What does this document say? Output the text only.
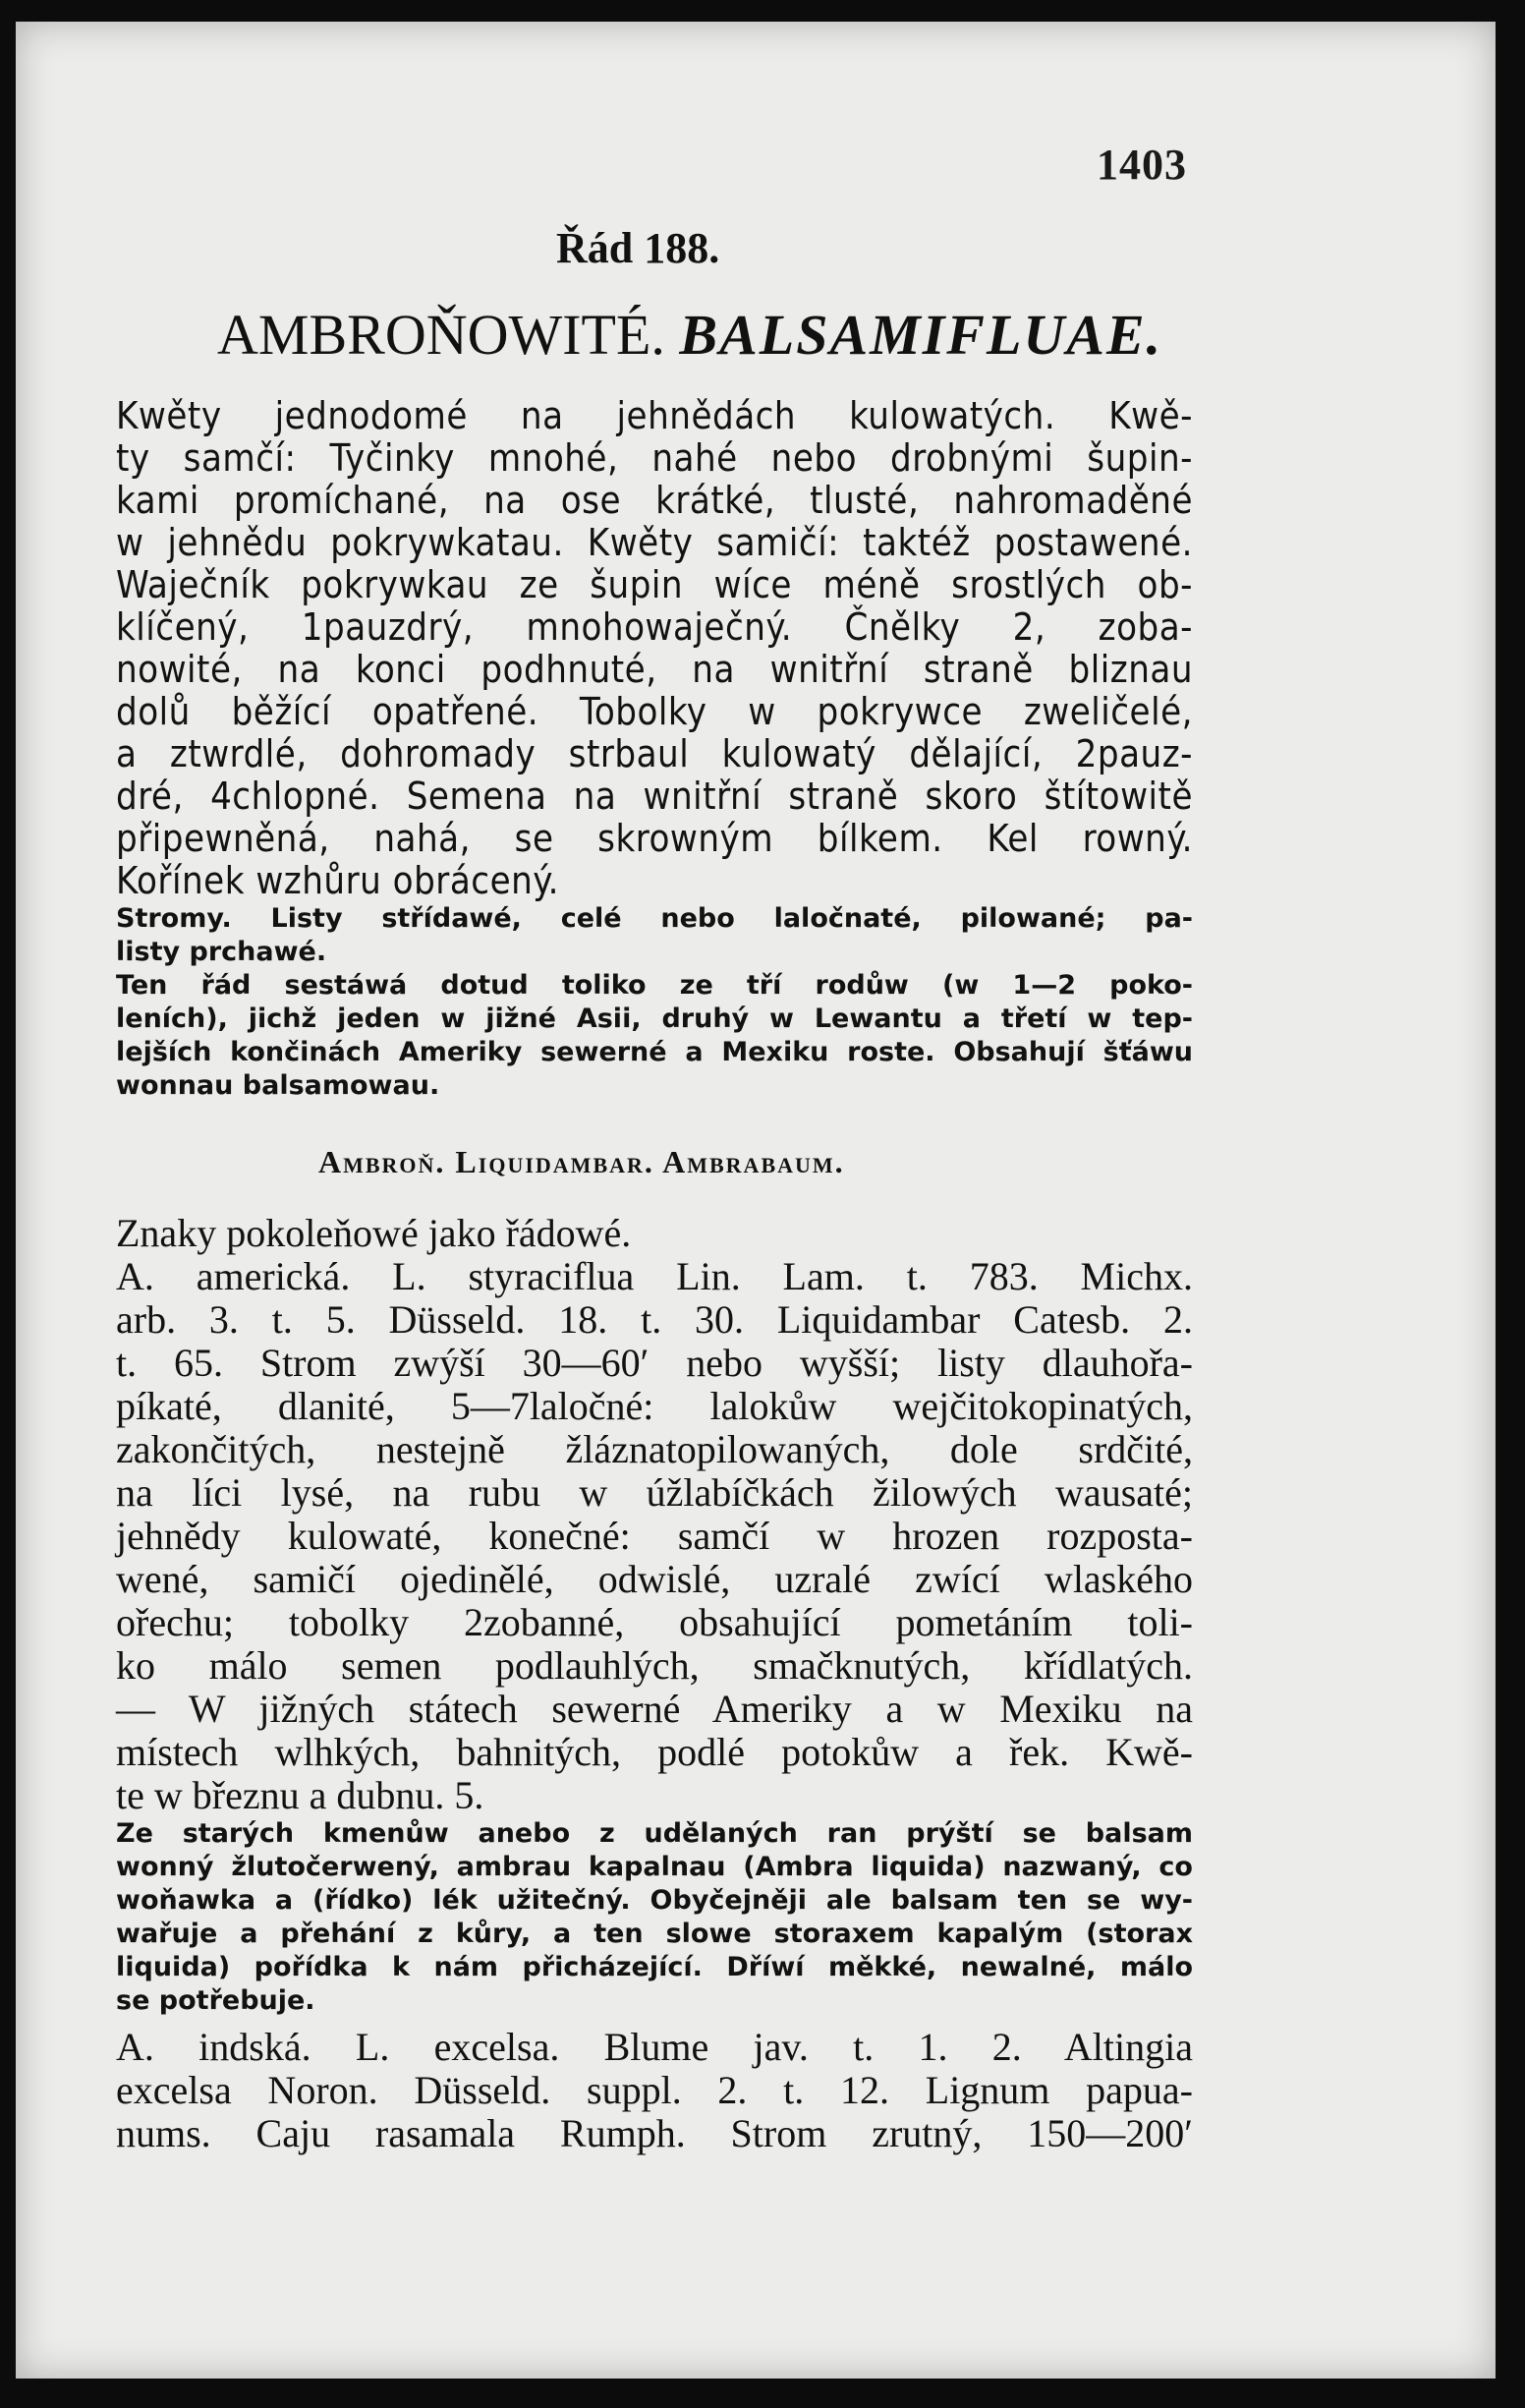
1403
Řád 188.
AMBROŇOWITÉ. BALSAMIFLUAE.
Kwěty jednodomé na jehnědách kulowatých. Kwě-
ty samčí: Tyčinky mnohé, nahé nebo drobnými šupin-
kami promíchané, na ose krátké, tlusté, nahromaděné
w jehnědu pokrywkatau. Kwěty samičí: taktéž postawené.
Waječník pokrywkau ze šupin wíce méně srostlých ob-
klíčený, 1pauzdrý, mnohowaječný. Čnělky 2, zoba-
nowité, na konci podhnuté, na wnitřní straně bliznau
dolů běžící opatřené. Tobolky w pokrywce zweličelé,
a ztwrdlé, dohromady strbaul kulowatý dělající, 2pauz-
dré, 4chlopné. Semena na wnitřní straně skoro štítowitě
připewněná, nahá, se skrowným bílkem. Kel rowný.
Kořínek wzhůru obrácený.
Stromy. Listy střídawé, celé nebo laločnaté, pilowané; pa-
listy prchawé.
Ten řád sestáwá dotud toliko ze tří rodůw (w 1—2 poko-
leních), jichž jeden w jižné Asii, druhý w Lewantu a třetí w tep-
lejších končinách Ameriky sewerné a Mexiku roste. Obsahují šťáwu
wonnau balsamowau.
Ambroň. Liquidambar. Ambrabaum.
Znaky pokoleňowé jako řádowé.
A. americká. L. styraciflua Lin. Lam. t. 783. Michx.
arb. 3. t. 5. Düsseld. 18. t. 30. Liquidambar Catesb. 2.
t. 65. Strom zwýší 30—60′ nebo wyšší; listy dlauhořa-
píkaté, dlanité, 5—7laločné: lalokůw wejčitokopinatých,
zakončitých, nestejně žláznatopilowaných, dole srdčité,
na líci lysé, na rubu w úžlabíčkách žilowých wausaté;
jehnědy kulowaté, konečné: samčí w hrozen rozposta-
wené, samičí ojedinělé, odwislé, uzralé zwící wlaského
ořechu; tobolky 2zobanné, obsahující pometáním toli-
ko málo semen podlauhlých, smačknutých, křídlatých.
— W jižných státech sewerné Ameriky a w Mexiku na
místech wlhkých, bahnitých, podlé potokůw a řek. Kwě-
te w březnu a dubnu. 5.
Ze starých kmenůw anebo z udělaných ran prýští se balsam
wonný žlutočerwený, ambrau kapalnau (Ambra liquida) nazwaný, co
woňawka a (řídko) lék užitečný. Obyčejněji ale balsam ten se wy-
wařuje a přehání z kůry, a ten slowe storaxem kapalým (storax
liquida) pořídka k nám přicházející. Dříwí měkké, newalné, málo
se potřebuje.
A. indská. L. excelsa. Blume jav. t. 1. 2. Altingia
excelsa Noron. Düsseld. suppl. 2. t. 12. Lignum papua-
nums. Caju rasamala Rumph. Strom zrutný, 150—200′
